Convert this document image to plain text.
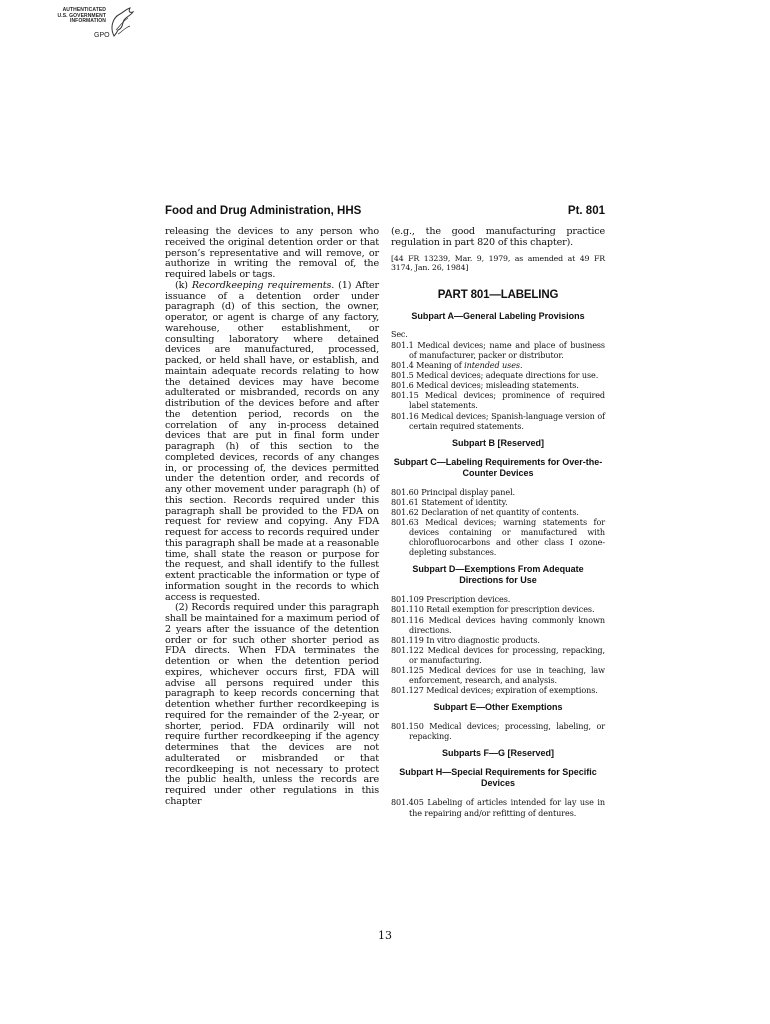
AUTHENTICATED
U.S. GOVERNMENT
INFORMATION
GPO
Food and Drug Administration, HHS	Pt. 801

releasing the devices to any person who received the original detention order or that person’s representative and will remove, or authorize in writing the removal of, the required labels or tags.

(k) Recordkeeping requirements. (1) After issuance of a detention order under paragraph (d) of this section, the owner, operator, or agent is charge of any factory, warehouse, other establishment, or consulting laboratory where detained devices are manufactured, processed, packed, or held shall have, or establish, and maintain adequate records relating to how the detained devices may have become adulterated or misbranded, records on any distribution of the devices before and after the detention period, records on the correlation of any in-process detained devices that are put in final form under paragraph (h) of this section to the completed devices, records of any changes in, or processing of, the devices permitted under the detention order, and records of any other movement under paragraph (h) of this section. Records required under this paragraph shall be provided to the FDA on request for review and copying. Any FDA request for access to records required under this paragraph shall be made at a reasonable time, shall state the reason or purpose for the request, and shall identify to the fullest extent practicable the information or type of information sought in the records to which access is requested.

(2) Records required under this paragraph shall be maintained for a maximum period of 2 years after the issuance of the detention order or for such other shorter period as FDA directs. When FDA terminates the detention or when the detention period expires, whichever occurs first, FDA will advise all persons required under this paragraph to keep records concerning that detention whether further recordkeeping is required for the remainder of the 2-year, or shorter, period. FDA ordinarily will not require further recordkeeping if the agency determines that the devices are not adulterated or misbranded or that recordkeeping is not necessary to protect the public health, unless the records are required under other regulations in this chapter

(e.g., the good manufacturing practice regulation in part 820 of this chapter).

[44 FR 13239, Mar. 9, 1979, as amended at 49 FR 3174, Jan. 26, 1984]

PART 801—LABELING
Subpart A—General Labeling Provisions
Sec.
801.1 Medical devices; name and place of business of manufacturer, packer or distributor.
801.4 Meaning of intended uses.
801.5 Medical devices; adequate directions for use.
801.6 Medical devices; misleading statements.
801.15 Medical devices; prominence of required label statements.
801.16 Medical devices; Spanish-language version of certain required statements.
Subpart B [Reserved]
Subpart C—Labeling Requirements for Over-the-Counter Devices
801.60 Principal display panel.
801.61 Statement of identity.
801.62 Declaration of net quantity of contents.
801.63 Medical devices; warning statements for devices containing or manufactured with chlorofluorocarbons and other class I ozone-depleting substances.
Subpart D—Exemptions From Adequate Directions for Use
801.109 Prescription devices.
801.110 Retail exemption for prescription devices.
801.116 Medical devices having commonly known directions.
801.119 In vitro diagnostic products.
801.122 Medical devices for processing, repacking, or manufacturing.
801.125 Medical devices for use in teaching, law enforcement, research, and analysis.
801.127 Medical devices; expiration of exemptions.
Subpart E—Other Exemptions
801.150 Medical devices; processing, labeling, or repacking.
Subparts F—G [Reserved]
Subpart H—Special Requirements for Specific Devices
801.405 Labeling of articles intended for lay use in the repairing and/or refitting of dentures.
13
